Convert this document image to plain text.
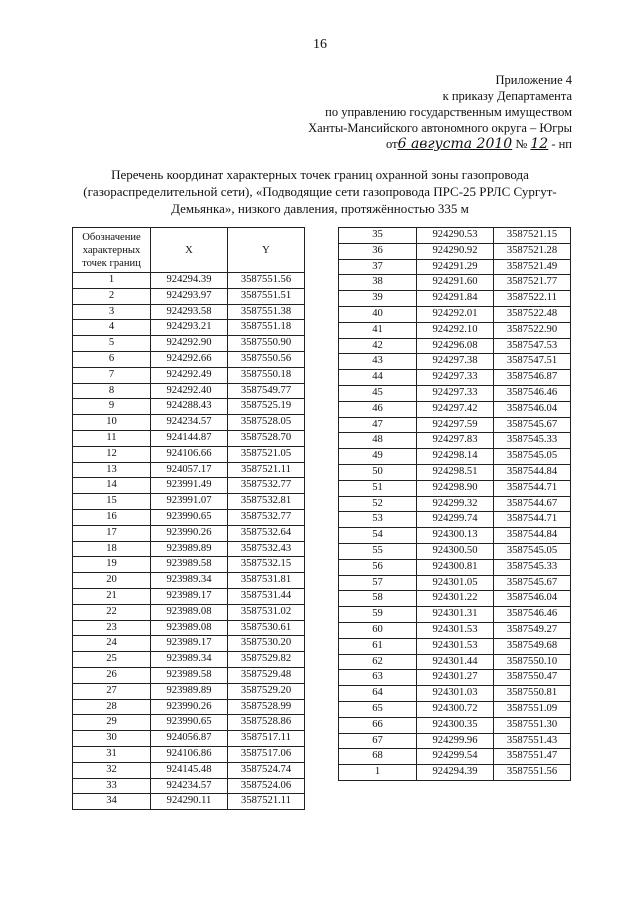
16
Приложение 4
к приказу Департамента
по управлению государственным имуществом
Ханты-Мансийского автономного округа – Югры
от6 августа 2010 № 12 - нп
Перечень координат характерных точек границ охранной зоны газопровода (газораспределительной сети), «Подводящие сети газопровода ПРС-25 РРЛС Сургут-Демьянка», низкого давления, протяжённостью 335 м
Обозначение характерных точек границ	X	Y
1	924294.39	3587551.56
2	924293.97	3587551.51
3	924293.58	3587551.38
4	924293.21	3587551.18
5	924292.90	3587550.90
6	924292.66	3587550.56
7	924292.49	3587550.18
8	924292.40	3587549.77
9	924288.43	3587525.19
10	924234.57	3587528.05
11	924144.87	3587528.70
12	924106.66	3587521.05
13	924057.17	3587521.11
14	923991.49	3587532.77
15	923991.07	3587532.81
16	923990.65	3587532.77
17	923990.26	3587532.64
18	923989.89	3587532.43
19	923989.58	3587532.15
20	923989.34	3587531.81
21	923989.17	3587531.44
22	923989.08	3587531.02
23	923989.08	3587530.61
24	923989.17	3587530.20
25	923989.34	3587529.82
26	923989.58	3587529.48
27	923989.89	3587529.20
28	923990.26	3587528.99
29	923990.65	3587528.86
30	924056.87	3587517.11
31	924106.86	3587517.06
32	924145.48	3587524.74
33	924234.57	3587524.06
34	924290.11	3587521.11
35	924290.53	3587521.15
36	924290.92	3587521.28
37	924291.29	3587521.49
38	924291.60	3587521.77
39	924291.84	3587522.11
40	924292.01	3587522.48
41	924292.10	3587522.90
42	924296.08	3587547.53
43	924297.38	3587547.51
44	924297.33	3587546.87
45	924297.33	3587546.46
46	924297.42	3587546.04
47	924297.59	3587545.67
48	924297.83	3587545.33
49	924298.14	3587545.05
50	924298.51	3587544.84
51	924298.90	3587544.71
52	924299.32	3587544.67
53	924299.74	3587544.71
54	924300.13	3587544.84
55	924300.50	3587545.05
56	924300.81	3587545.33
57	924301.05	3587545.67
58	924301.22	3587546.04
59	924301.31	3587546.46
60	924301.53	3587549.27
61	924301.53	3587549.68
62	924301.44	3587550.10
63	924301.27	3587550.47
64	924301.03	3587550.81
65	924300.72	3587551.09
66	924300.35	3587551.30
67	924299.96	3587551.43
68	924299.54	3587551.47
1	924294.39	3587551.56
